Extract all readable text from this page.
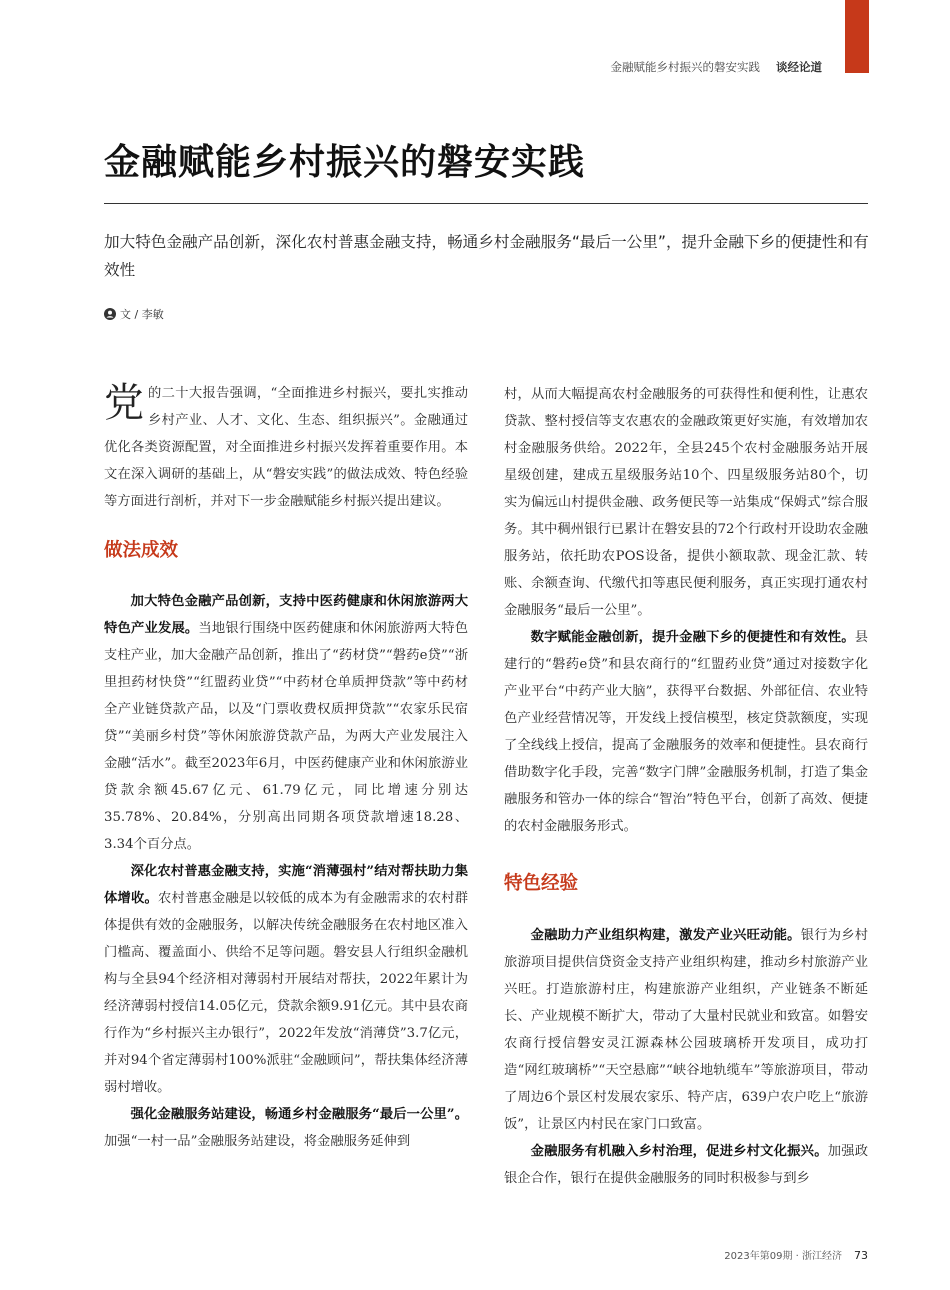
金融赋能乡村振兴的磐安实践 谈经论道
金融赋能乡村振兴的磐安实践

加大特色金融产品创新，深化农村普惠金融支持，畅通乡村金融服务“最后一公里”，提升金融下乡的便捷性和有效性

文 / 李敏

党的二十大报告强调，“全面推进乡村振兴，要扎实推动乡村产业、人才、文化、生态、组织振兴”。金融通过优化各类资源配置，对全面推进乡村振兴发挥着重要作用。本文在深入调研的基础上，从“磐安实践”的做法成效、特色经验等方面进行剖析，并对下一步金融赋能乡村振兴提出建议。

做法成效

加大特色金融产品创新，支持中医药健康和休闲旅游两大特色产业发展。当地银行围绕中医药健康和休闲旅游两大特色支柱产业，加大金融产品创新，推出了“药材贷”“磐药e贷”“浙里担药材快贷”“红盟药业贷”“中药材仓单质押贷款”等中药材全产业链贷款产品，以及“门票收费权质押贷款”“农家乐民宿贷”“美丽乡村贷”等休闲旅游贷款产品，为两大产业发展注入金融“活水”。截至2023年6月，中医药健康产业和休闲旅游业贷款余额45.67亿元、61.79亿元，同比增速分别达35.78%、20.84%，分别高出同期各项贷款增速18.28、3.34个百分点。

深化农村普惠金融支持，实施“消薄强村”结对帮扶助力集体增收。农村普惠金融是以较低的成本为有金融需求的农村群体提供有效的金融服务，以解决传统金融服务在农村地区准入门槛高、覆盖面小、供给不足等问题。磐安县人行组织金融机构与全县94个经济相对薄弱村开展结对帮扶，2022年累计为经济薄弱村授信14.05亿元，贷款余额9.91亿元。其中县农商行作为“乡村振兴主办银行”，2022年发放“消薄贷”3.7亿元，并对94个省定薄弱村100%派驻“金融顾问”，帮扶集体经济薄弱村增收。

强化金融服务站建设，畅通乡村金融服务“最后一公里”。加强“一村一品”金融服务站建设，将金融服务延伸到

村，从而大幅提高农村金融服务的可获得性和便利性，让惠农贷款、整村授信等支农惠农的金融政策更好实施，有效增加农村金融服务供给。2022年，全县245个农村金融服务站开展星级创建，建成五星级服务站10个、四星级服务站80个，切实为偏远山村提供金融、政务便民等一站集成“保姆式”综合服务。其中稠州银行已累计在磐安县的72个行政村开设助农金融服务站，依托助农POS设备，提供小额取款、现金汇款、转账、余额查询、代缴代扣等惠民便利服务，真正实现打通农村金融服务“最后一公里”。

数字赋能金融创新，提升金融下乡的便捷性和有效性。县建行的“磐药e贷”和县农商行的“红盟药业贷”通过对接数字化产业平台“中药产业大脑”，获得平台数据、外部征信、农业特色产业经营情况等，开发线上授信模型，核定贷款额度，实现了全线线上授信，提高了金融服务的效率和便捷性。县农商行借助数字化手段，完善“数字门牌”金融服务机制，打造了集金融服务和管办一体的综合“智治”特色平台，创新了高效、便捷的农村金融服务形式。

特色经验

金融助力产业组织构建，激发产业兴旺动能。银行为乡村旅游项目提供信贷资金支持产业组织构建，推动乡村旅游产业兴旺。打造旅游村庄，构建旅游产业组织，产业链条不断延长、产业规模不断扩大，带动了大量村民就业和致富。如磐安农商行授信磐安灵江源森林公园玻璃桥开发项目，成功打造“网红玻璃桥”“天空悬廊”“峡谷地轨缆车”等旅游项目，带动了周边6个景区村发展农家乐、特产店，639户农户吃上“旅游饭”，让景区内村民在家门口致富。

金融服务有机融入乡村治理，促进乡村文化振兴。加强政银企合作，银行在提供金融服务的同时积极参与到乡

2023年第09期 · 浙江经济 73
